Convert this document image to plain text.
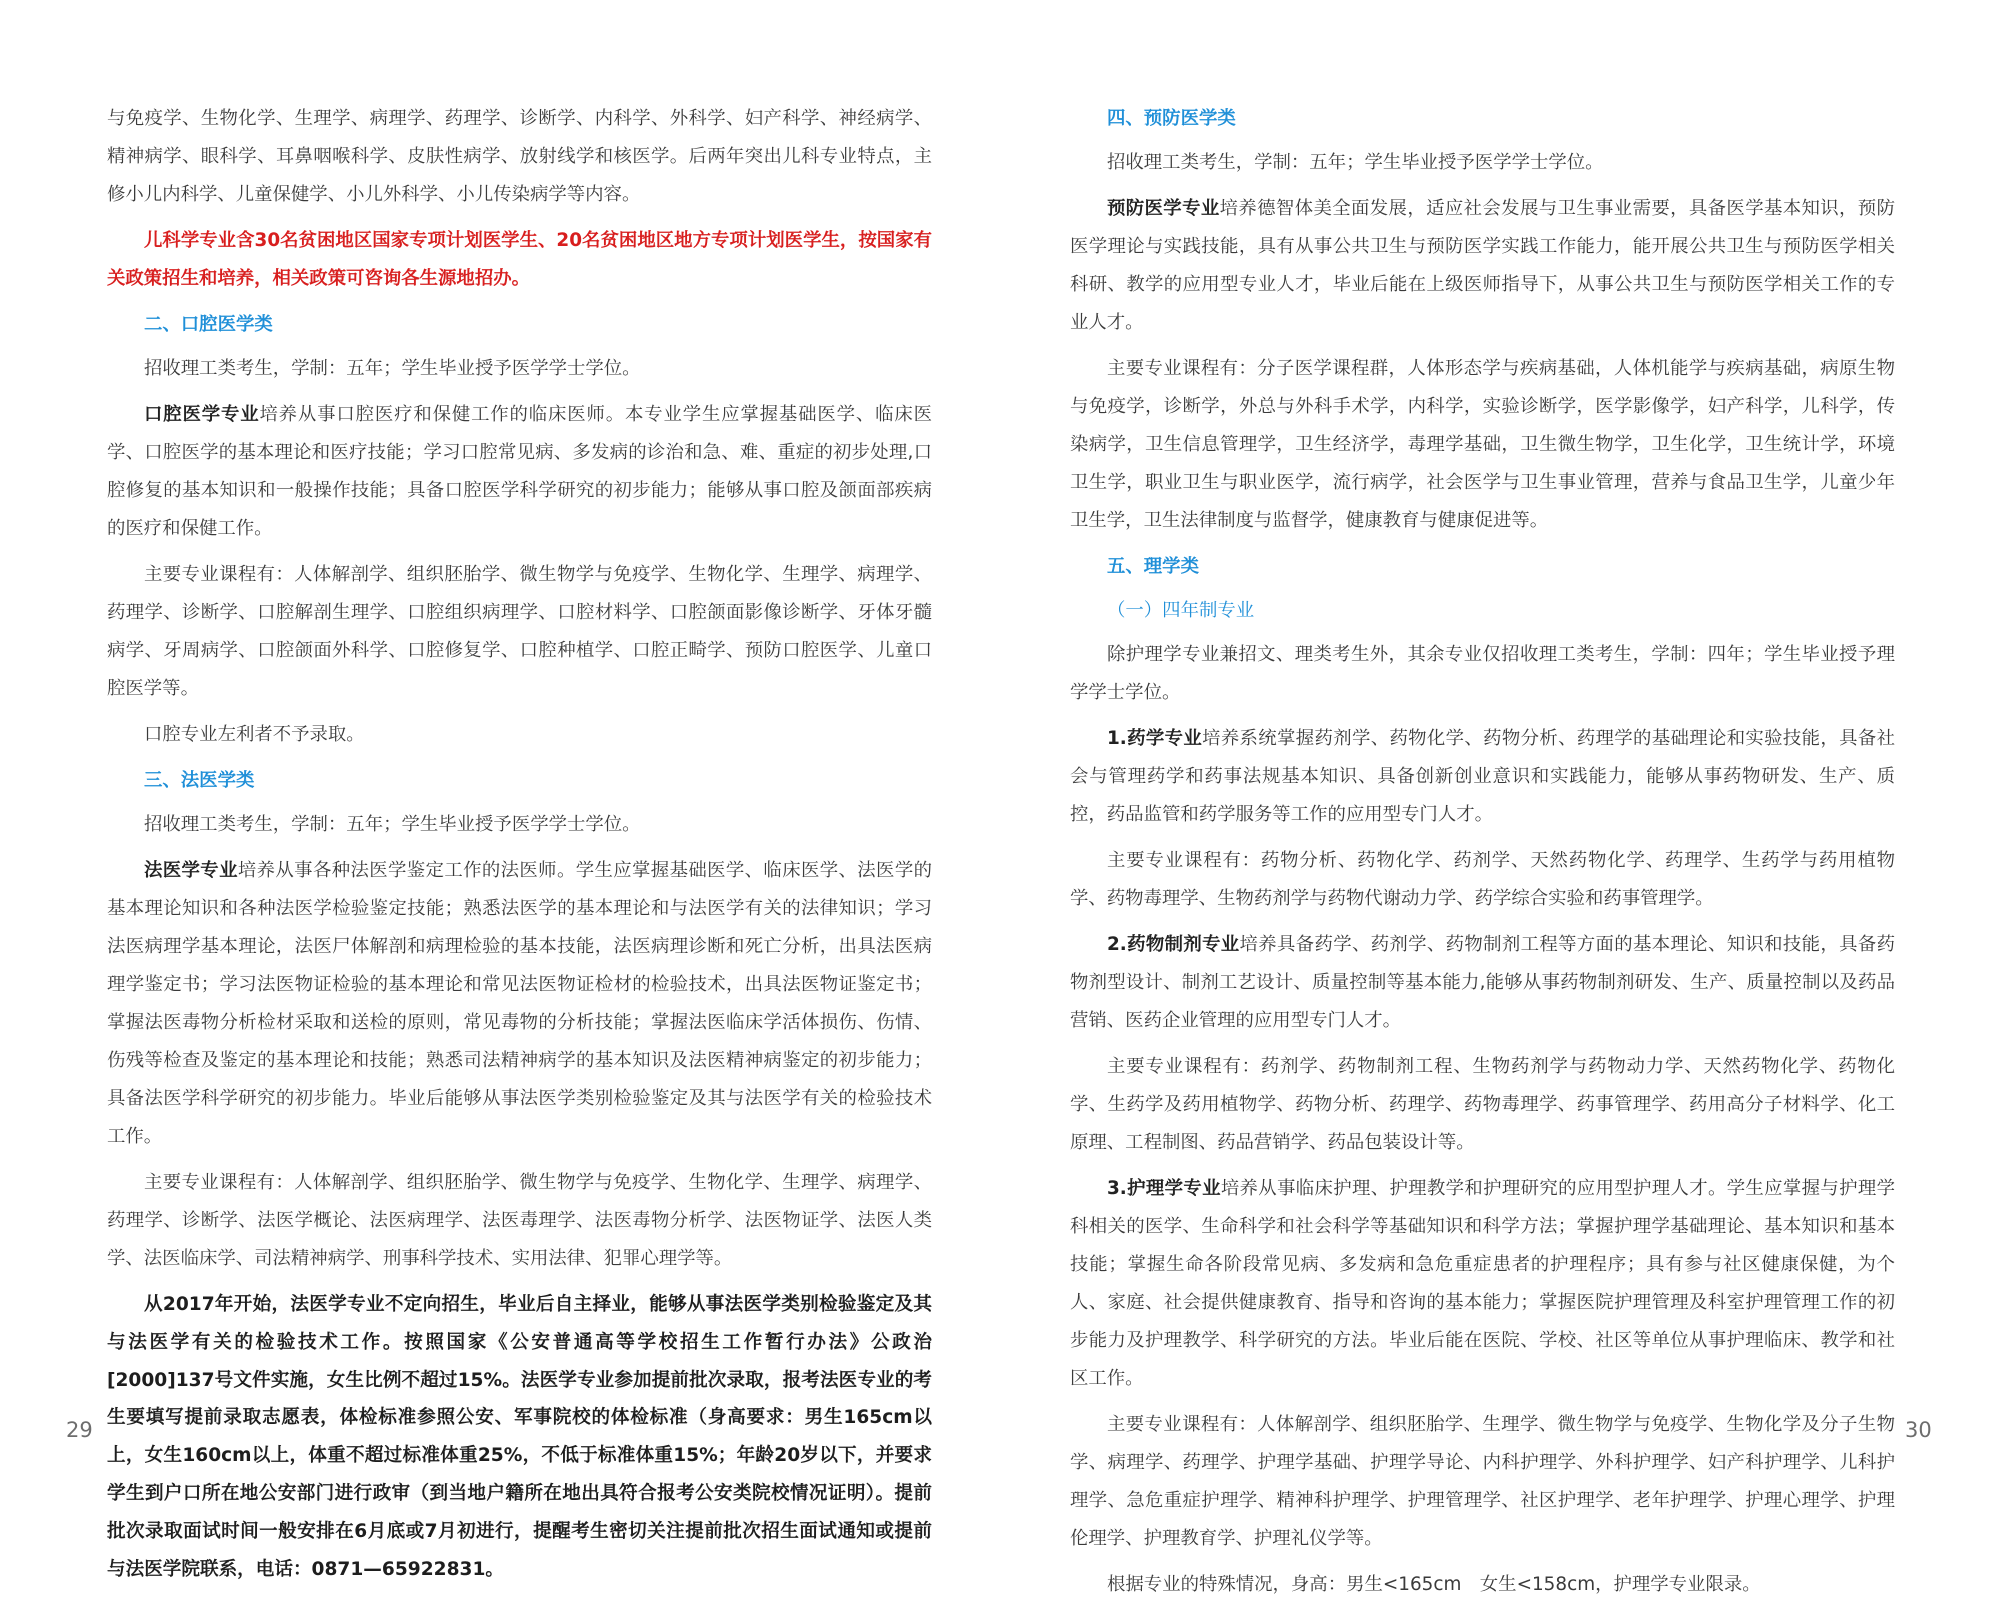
与免疫学、生物化学、生理学、病理学、药理学、诊断学、内科学、外科学、妇产科学、神经病学、精神病学、眼科学、耳鼻咽喉科学、皮肤性病学、放射线学和核医学。后两年突出儿科专业特点，主修小儿内科学、儿童保健学、小儿外科学、小儿传染病学等内容。

儿科学专业含30名贫困地区国家专项计划医学生、20名贫困地区地方专项计划医学生，按国家有关政策招生和培养，相关政策可咨询各生源地招办。

二、口腔医学类

招收理工类考生，学制：五年；学生毕业授予医学学士学位。

口腔医学专业培养从事口腔医疗和保健工作的临床医师。本专业学生应掌握基础医学、临床医学、口腔医学的基本理论和医疗技能；学习口腔常见病、多发病的诊治和急、难、重症的初步处理,口腔修复的基本知识和一般操作技能；具备口腔医学科学研究的初步能力；能够从事口腔及颌面部疾病的医疗和保健工作。

主要专业课程有：人体解剖学、组织胚胎学、微生物学与免疫学、生物化学、生理学、病理学、药理学、诊断学、口腔解剖生理学、口腔组织病理学、口腔材料学、口腔颌面影像诊断学、牙体牙髓病学、牙周病学、口腔颌面外科学、口腔修复学、口腔种植学、口腔正畸学、预防口腔医学、儿童口腔医学等。

口腔专业左利者不予录取。

三、法医学类

招收理工类考生，学制：五年；学生毕业授予医学学士学位。

法医学专业培养从事各种法医学鉴定工作的法医师。学生应掌握基础医学、临床医学、法医学的基本理论知识和各种法医学检验鉴定技能；熟悉法医学的基本理论和与法医学有关的法律知识；学习法医病理学基本理论，法医尸体解剖和病理检验的基本技能，法医病理诊断和死亡分析，出具法医病理学鉴定书；学习法医物证检验的基本理论和常见法医物证检材的检验技术，出具法医物证鉴定书；掌握法医毒物分析检材采取和送检的原则，常见毒物的分析技能；掌握法医临床学活体损伤、伤情、伤残等检查及鉴定的基本理论和技能；熟悉司法精神病学的基本知识及法医精神病鉴定的初步能力；具备法医学科学研究的初步能力。毕业后能够从事法医学类别检验鉴定及其与法医学有关的检验技术工作。

主要专业课程有：人体解剖学、组织胚胎学、微生物学与免疫学、生物化学、生理学、病理学、药理学、诊断学、法医学概论、法医病理学、法医毒理学、法医毒物分析学、法医物证学、法医人类学、法医临床学、司法精神病学、刑事科学技术、实用法律、犯罪心理学等。

从2017年开始，法医学专业不定向招生，毕业后自主择业，能够从事法医学类别检验鉴定及其与法医学有关的检验技术工作。按照国家《公安普通高等学校招生工作暂行办法》公政治[2000]137号文件实施，女生比例不超过15%。法医学专业参加提前批次录取，报考法医专业的考生要填写提前录取志愿表，体检标准参照公安、军事院校的体检标准（身高要求：男生165cm以上，女生160cm以上，体重不超过标准体重25%，不低于标准体重15%；年龄20岁以下，并要求学生到户口所在地公安部门进行政审（到当地户籍所在地出具符合报考公安类院校情况证明）。提前批次录取面试时间一般安排在6月底或7月初进行，提醒考生密切关注提前批次招生面试通知或提前与法医学院联系，电话：0871—65922831。

29
四、预防医学类

招收理工类考生，学制：五年；学生毕业授予医学学士学位。

预防医学专业培养德智体美全面发展，适应社会发展与卫生事业需要，具备医学基本知识，预防医学理论与实践技能，具有从事公共卫生与预防医学实践工作能力，能开展公共卫生与预防医学相关科研、教学的应用型专业人才，毕业后能在上级医师指导下，从事公共卫生与预防医学相关工作的专业人才。

主要专业课程有：分子医学课程群，人体形态学与疾病基础，人体机能学与疾病基础，病原生物与免疫学，诊断学，外总与外科手术学，内科学，实验诊断学，医学影像学，妇产科学，儿科学，传染病学，卫生信息管理学，卫生经济学，毒理学基础，卫生微生物学，卫生化学，卫生统计学，环境卫生学，职业卫生与职业医学，流行病学，社会医学与卫生事业管理，营养与食品卫生学，儿童少年卫生学，卫生法律制度与监督学，健康教育与健康促进等。

五、理学类
（一）四年制专业

除护理学专业兼招文、理类考生外，其余专业仅招收理工类考生，学制：四年；学生毕业授予理学学士学位。

1.药学专业培养系统掌握药剂学、药物化学、药物分析、药理学的基础理论和实验技能，具备社会与管理药学和药事法规基本知识、具备创新创业意识和实践能力，能够从事药物研发、生产、质控，药品监管和药学服务等工作的应用型专门人才。

主要专业课程有：药物分析、药物化学、药剂学、天然药物化学、药理学、生药学与药用植物学、药物毒理学、生物药剂学与药物代谢动力学、药学综合实验和药事管理学。

2.药物制剂专业培养具备药学、药剂学、药物制剂工程等方面的基本理论、知识和技能，具备药物剂型设计、制剂工艺设计、质量控制等基本能力,能够从事药物制剂研发、生产、质量控制以及药品营销、医药企业管理的应用型专门人才。

主要专业课程有：药剂学、药物制剂工程、生物药剂学与药物动力学、天然药物化学、药物化学、生药学及药用植物学、药物分析、药理学、药物毒理学、药事管理学、药用高分子材料学、化工原理、工程制图、药品营销学、药品包装设计等。

3.护理学专业培养从事临床护理、护理教学和护理研究的应用型护理人才。学生应掌握与护理学科相关的医学、生命科学和社会科学等基础知识和科学方法；掌握护理学基础理论、基本知识和基本技能；掌握生命各阶段常见病、多发病和急危重症患者的护理程序；具有参与社区健康保健，为个人、家庭、社会提供健康教育、指导和咨询的基本能力；掌握医院护理管理及科室护理管理工作的初步能力及护理教学、科学研究的方法。毕业后能在医院、学校、社区等单位从事护理临床、教学和社区工作。

主要专业课程有：人体解剖学、组织胚胎学、生理学、微生物学与免疫学、生物化学及分子生物学、病理学、药理学、护理学基础、护理学导论、内科护理学、外科护理学、妇产科护理学、儿科护理学、急危重症护理学、精神科护理学、护理管理学、社区护理学、老年护理学、护理心理学、护理伦理学、护理教育学、护理礼仪学等。

根据专业的特殊情况，身高：男生<165cm　女生<158cm，护理学专业限录。

30
